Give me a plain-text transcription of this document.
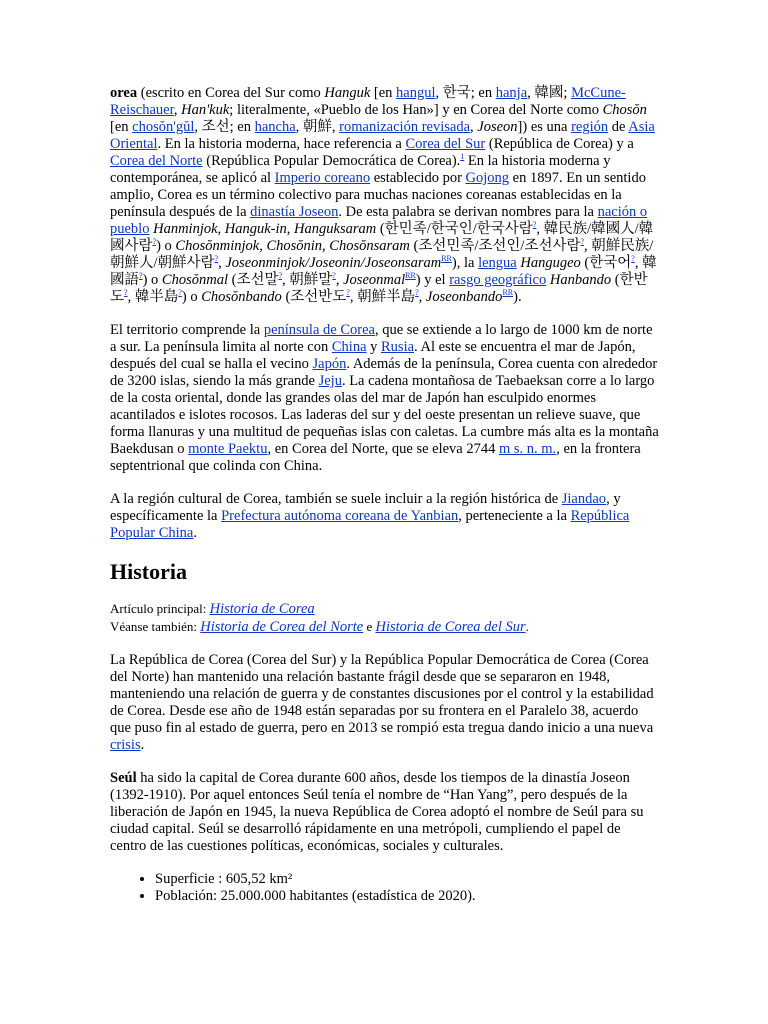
orea (escrito en Corea del Sur como Hanguk [en hangul, 한국; en hanja, 韓國; McCune-Reischauer, Han'kuk; literalmente, «Pueblo de los Han»] y en Corea del Norte como Chosŏn [en chosŏn'gŭl, 조선; en hancha, 朝鮮, romanización revisada, Joseon]) es una región de Asia Oriental. En la historia moderna, hace referencia a Corea del Sur (República de Corea) y a Corea del Norte (República Popular Democrática de Corea).$^1$ En la historia moderna y contemporánea, se aplicó al Imperio coreano establecido por Gojong en 1897. En un sentido amplio, Corea es un término colectivo para muchas naciones coreanas establecidas en la península después de la dinastía Joseon. De esta palabra se derivan nombres para la nación o pueblo Hanminjok, Hanguk-in, Hanguksaram (한민족/한국인/한국사람?, 韓民族/韓國人/韓國사람?) o Chosŏnminjok, Chosŏnin, Chosŏnsaram (조선민족/조선인/조선사람?, 朝鮮民族/朝鮮人/朝鮮사람?, Joseonminjok/Joseonin/Joseonsaram$^{RR}$), la lengua Hangugeo (한국어?, 韓國語?) o Chosŏnmal (조선말?, 朝鮮말?, Joseonmal$^{RR}$) y el rasgo geográfico Hanbando (한반도?, 韓半島?) o Chosŏnbando (조선반도?, 朝鮮半島?, Joseonbando$^{RR}$).

El territorio comprende la península de Corea, que se extiende a lo largo de 1000 km de norte a sur. La península limita al norte con China y Rusia. Al este se encuentra el mar de Japón, después del cual se halla el vecino Japón. Además de la península, Corea cuenta con alrededor de 3200 islas, siendo la más grande Jeju. La cadena montañosa de Taebaeksan corre a lo largo de la costa oriental, donde las grandes olas del mar de Japón han esculpido enormes acantilados e islotes rocosos. Las laderas del sur y del oeste presentan un relieve suave, que forma llanuras y una multitud de pequeñas islas con caletas. La cumbre más alta es la montaña Baekdusan o monte Paektu, en Corea del Norte, que se eleva 2744 m s. n. m., en la frontera septentrional que colinda con China.

A la región cultural de Corea, también se suele incluir a la región histórica de Jiandao, y específicamente la Prefectura autónoma coreana de Yanbian, perteneciente a la República Popular China.

Historia

Artículo principal: Historia de Corea

Véanse también: Historia de Corea del Norte e Historia de Corea del Sur.

La República de Corea (Corea del Sur) y la República Popular Democrática de Corea (Corea del Norte) han mantenido una relación bastante frágil desde que se separaron en 1948, manteniendo una relación de guerra y de constantes discusiones por el control y la estabilidad de Corea. Desde ese año de 1948 están separadas por su frontera en el Paralelo 38, acuerdo que puso fin al estado de guerra, pero en 2013 se rompió esta tregua dando inicio a una nueva crisis.

Seúl ha sido la capital de Corea durante 600 años, desde los tiempos de la dinastía Joseon (1392-1910). Por aquel entonces Seúl tenía el nombre de “Han Yang”, pero después de la liberación de Japón en 1945, la nueva República de Corea adoptó el nombre de Seúl para su ciudad capital. Seúl se desarrolló rápidamente en una metrópoli, cumpliendo el papel de centro de las cuestiones políticas, económicas, sociales y culturales.

• Superficie : 605,52 km²
• Población: 25.000.000 habitantes (estadística de 2020).
